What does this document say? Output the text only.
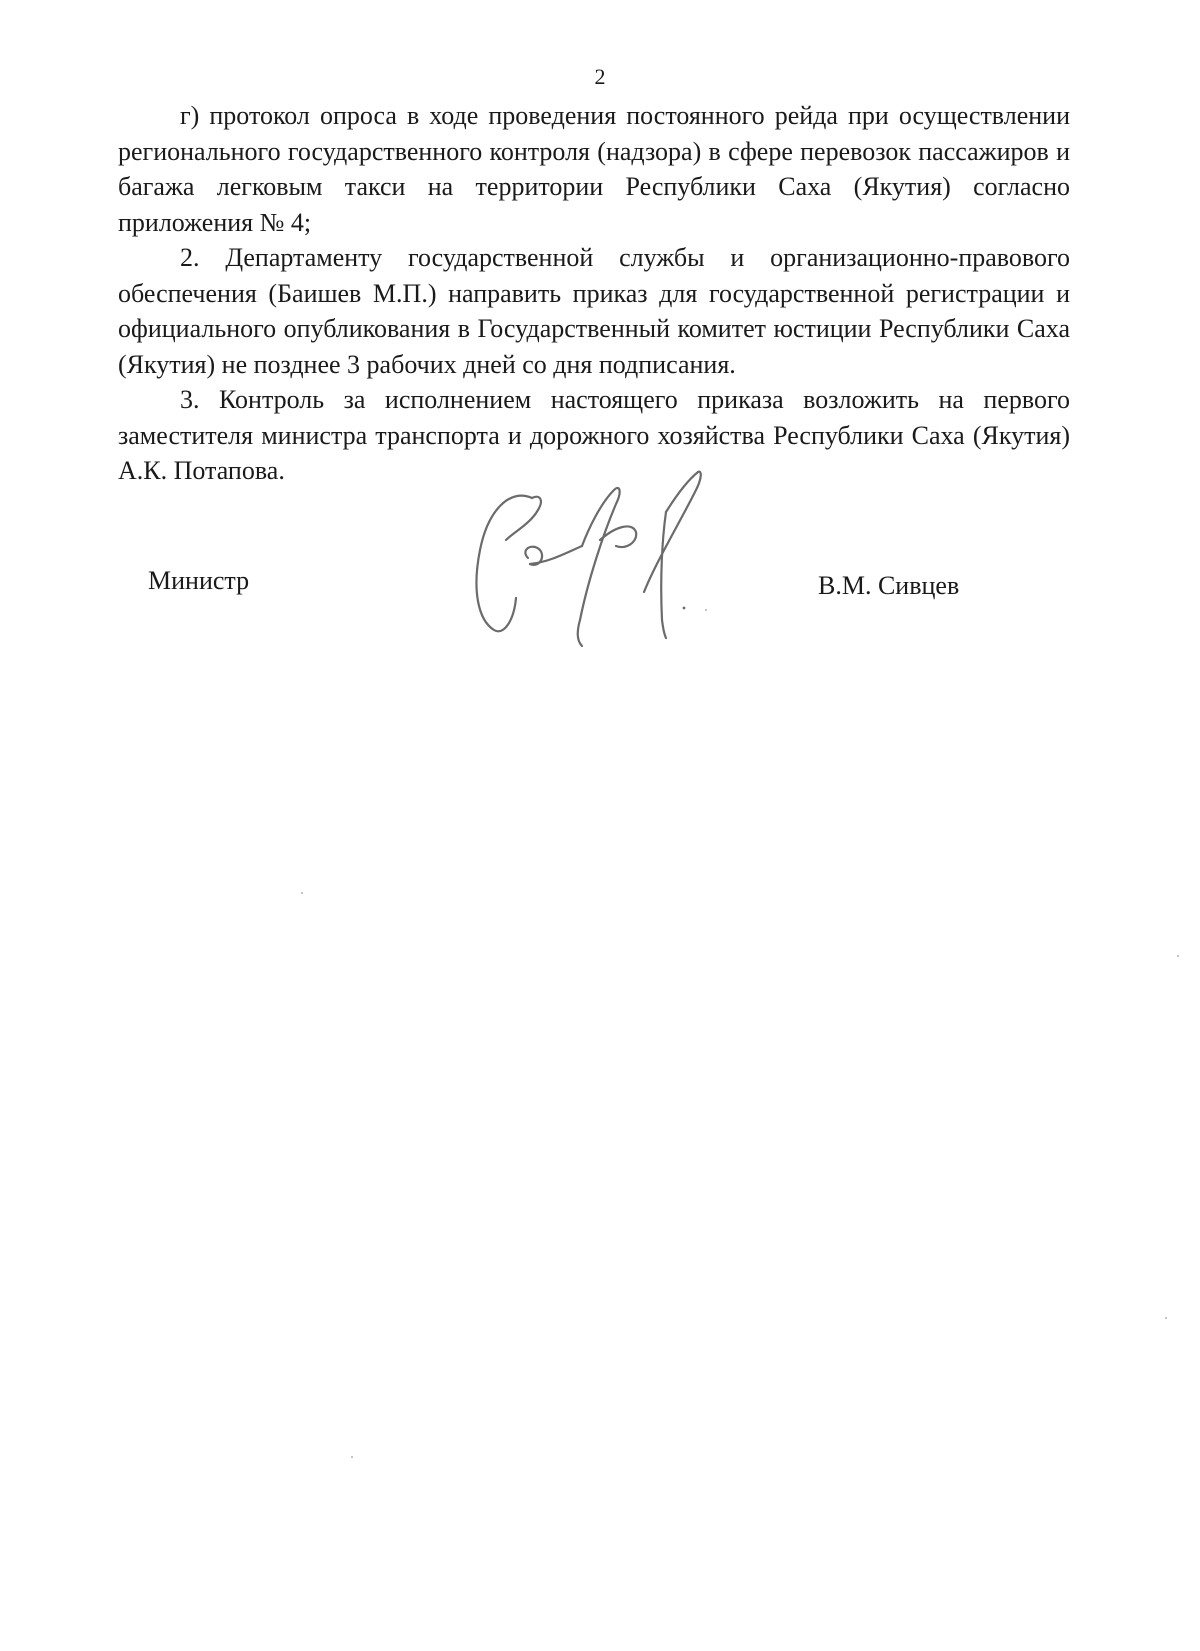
2

г) протокол опроса в ходе проведения постоянного рейда при осуществлении регионального государственного контроля (надзора) в сфере перевозок пассажиров и багажа легковым такси на территории Республики Саха (Якутия) согласно приложения № 4;

2. Департаменту государственной службы и организационно-правового обеспечения (Баишев М.П.) направить приказ для государственной регистрации и официального опубликования в Государственный комитет юстиции Республики Саха (Якутия) не позднее 3 рабочих дней со дня подписания.

3. Контроль за исполнением настоящего приказа возложить на первого заместителя министра транспорта и дорожного хозяйства Республики Саха (Якутия) А.К. Потапова.

Министр	В.М. Сивцев
